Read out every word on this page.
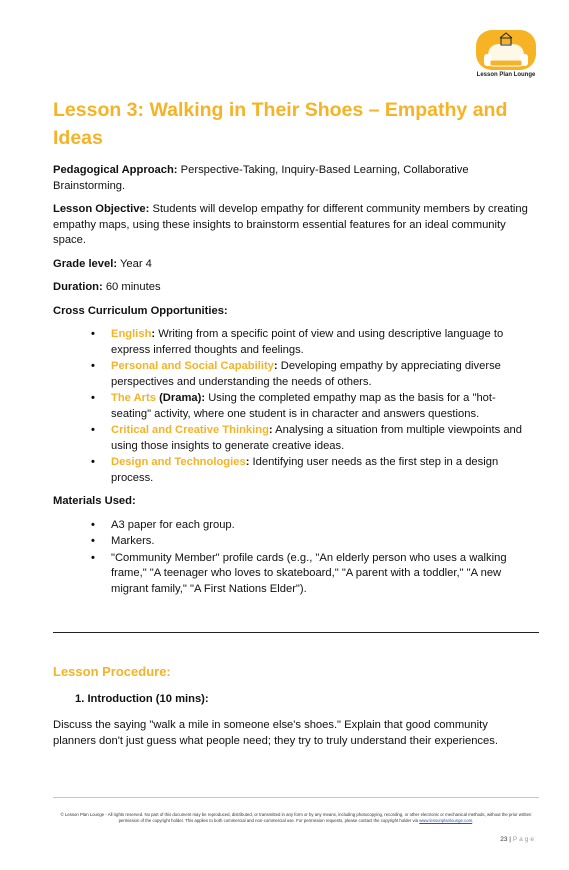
Lesson Plan Lounge
Lesson 3: Walking in Their Shoes – Empathy and Ideas

Pedagogical Approach: Perspective-Taking, Inquiry-Based Learning, Collaborative Brainstorming.

Lesson Objective: Students will develop empathy for different community members by creating empathy maps, using these insights to brainstorm essential features for an ideal community space.

Grade level: Year 4

Duration: 60 minutes

Cross Curriculum Opportunities:

• English: Writing from a specific point of view and using descriptive language to express inferred thoughts and feelings.
• Personal and Social Capability: Developing empathy by appreciating diverse perspectives and understanding the needs of others.
• The Arts (Drama): Using the completed empathy map as the basis for a "hot-seating" activity, where one student is in character and answers questions.
• Critical and Creative Thinking: Analysing a situation from multiple viewpoints and using those insights to generate creative ideas.
• Design and Technologies: Identifying user needs as the first step in a design process.

Materials Used:

• A3 paper for each group.
• Markers.
• "Community Member" profile cards (e.g., "An elderly person who uses a walking frame," "A teenager who loves to skateboard," "A parent with a toddler," "A new migrant family," "A First Nations Elder").
Lesson Procedure:
1. Introduction (10 mins):

Discuss the saying "walk a mile in someone else's shoes." Explain that good community planners don't just guess what people need; they try to truly understand their experiences.

© Lesson Plan Lounge - All rights reserved. No part of this document may be reproduced, distributed, or transmitted in any form or by any means, including photocopying, recording, or other electronic or mechanical methods, without the prior written permission of the copyright holder. This applies to both commercial and non-commercial use. For permission requests, please contact the copyright holder via www.lessonplanlounge.com.
23 | Page
